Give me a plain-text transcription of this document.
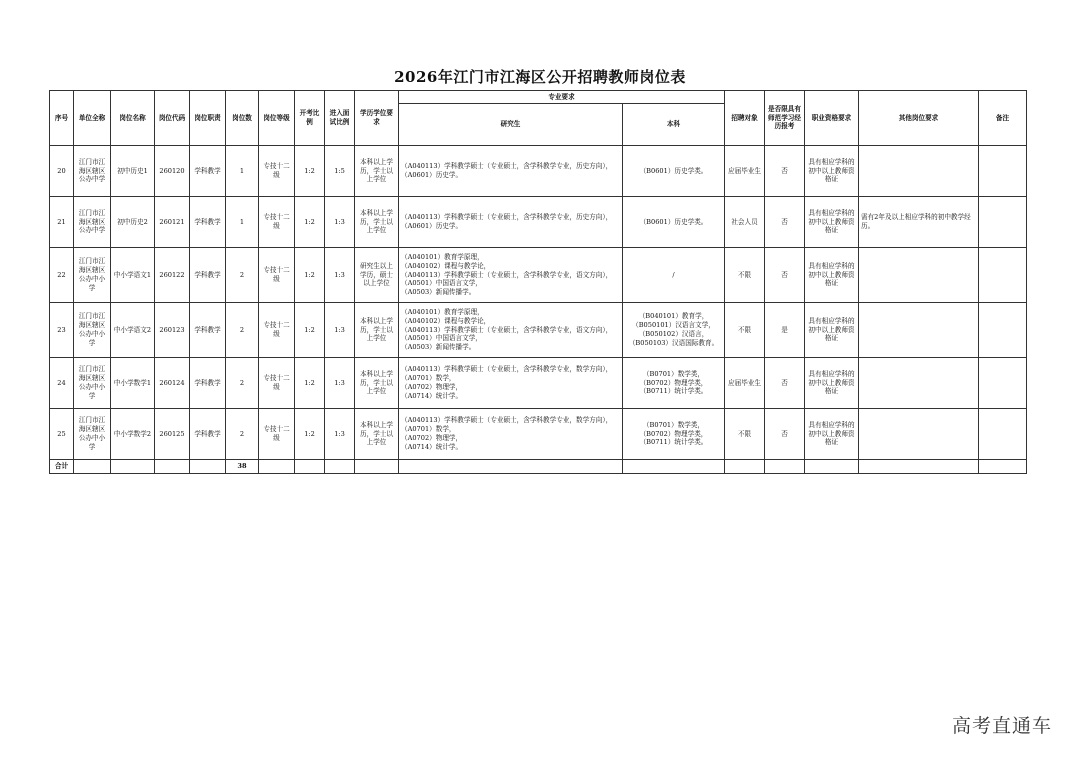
2026年江门市江海区公开招聘教师岗位表
序号	单位全称	岗位名称	岗位代码	岗位职责	岗位数	岗位等级	开考比例	进入面试比例	学历学位要求	专业要求		招聘对象	是否限具有师范学习经历报考	职业资格要求	其他岗位要求	备注
										研究生	本科					
20	江门市江海区辖区公办中学	初中历史1	260120	学科教学	1	专技十二级	1:2	1:5	本科以上学历，学士以上学位	（A040113）学科教学硕士（专业硕士，含学科教学专业，历史方向），
（A0601）历史学。	（B0601）历史学类。	应届毕业生	否	具有相应学科的初中以上教师资格证		
21	江门市江海区辖区公办中学	初中历史2	260121	学科教学	1	专技十二级	1:2	1:3	本科以上学历，学士以上学位	（A040113）学科教学硕士（专业硕士，含学科教学专业，历史方向），
（A0601）历史学。	（B0601）历史学类。	社会人员	否	具有相应学科的初中以上教师资格证	需有2年及以上相应学科的初中教学经历。	
22	江门市江海区辖区公办中小学	中小学语文1	260122	学科教学	2	专技十二级	1:2	1:3	研究生以上学历，硕士以上学位	（A040101）教育学原理，
（A040102）课程与教学论，
（A040113）学科教学硕士（专业硕士，含学科教学专业，语文方向），
（A0501）中国语言文学，
（A0503）新闻传播学。	/	不限	否	具有相应学科的初中以上教师资格证		
23	江门市江海区辖区公办中小学	中小学语文2	260123	学科教学	2	专技十二级	1:2	1:3	本科以上学历，学士以上学位	（A040101）教育学原理，
（A040102）课程与教学论，
（A040113）学科教学硕士（专业硕士，含学科教学专业，语文方向），
（A0501）中国语言文学，
（A0503）新闻传播学。	（B040101）教育学，
（B050101）汉语言文学，
（B050102）汉语言，
（B050103）汉语国际教育。	不限	是	具有相应学科的初中以上教师资格证		
24	江门市江海区辖区公办中小学	中小学数学1	260124	学科教学	2	专技十二级	1:2	1:3	本科以上学历，学士以上学位	（A040113）学科教学硕士（专业硕士，含学科教学专业，数学方向），
（A0701）数学，
（A0702）物理学，
（A0714）统计学。	（B0701）数学类，
（B0702）物理学类，
（B0711）统计学类。	应届毕业生	否	具有相应学科的初中以上教师资格证		
25	江门市江海区辖区公办中小学	中小学数学2	260125	学科教学	2	专技十二级	1:2	1:3	本科以上学历，学士以上学位	（A040113）学科教学硕士（专业硕士，含学科教学专业，数学方向），
（A0701）数学，
（A0702）物理学，
（A0714）统计学。	（B0701）数学类，
（B0702）物理学类，
（B0711）统计学类。	不限	否	具有相应学科的初中以上教师资格证		
合计					38											
高考直通车
